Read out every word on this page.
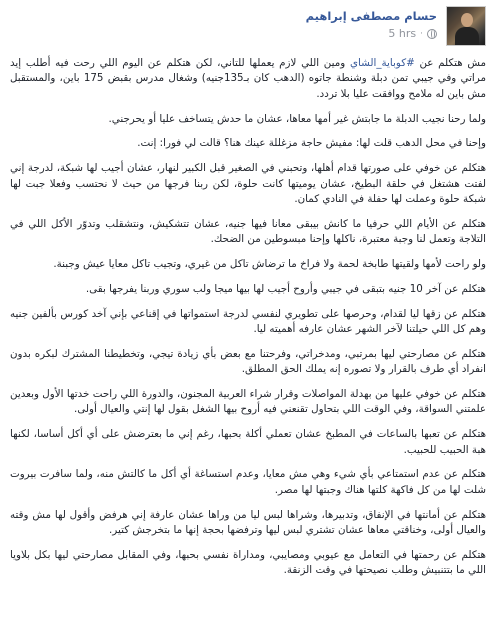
حسام مصطفى إبراهيم
·
5 hrs

مش هتكلم عن #كوباية_الشاي ومين اللي لازم يعملها للتاني، لكن هتكلم عن اليوم اللي رحت فيه أطلب إيد مراتي وفي جيبي تمن دبلة وشنطة جاتوه (الدهب كان بـ135جنيه) وشغال مدرس بقبض 175 باين، والمستقبل مش باين له ملامح ووافقت عليا بلا تردد.

ولما رحنا نجيب الدبلة ما جابتش غير أمها معاها، عشان ما حدش يتساخف عليا أو يحرجني.

وإحنا في محل الدهب قلت لها: مفيش حاجة مزغللة عينك هنا؟ قالت لي فورا: إنت.

هتكلم عن خوفي على صورتها قدام أهلها، وتحبني في الصغير قبل الكبير لنهار، عشان أجيب لها شبكة، لدرجة إني لفتت هشتغل في حلقة البطيخ، عشان يوميتها كانت حلوة، لكن ربنا فرجها من حيث لا نحتسب وفعلا جبت لها شبكة حلوة وعملت لها حفلة في النادي كمان.

هتكلم عن الأيام اللي حرفيا ما كانش بيبقى معانا فيها جنيه، عشان تتشكيش، ونتشقلب وتدوّر الأكل اللي في التلاجة وتعمل لنا وجبة معتبرة، ناكلها وإحنا مبسوطين من الضحك.

ولو راحت لأمها ولقيتها طابخة لحمة ولا فراخ ما ترضاش تاكل من غيري، وتجيب تاكل معايا عيش وجبنة.

هتكلم عن آخر 10 جنيه بتبقى في جيبي وأروح أجيب لها بيها ميجا ولب سوري وربنا يفرجها بقى.

هتكلم عن زقها ليا لقدام، وحرصها على تطويري لنفسي لدرجة استمواتها في إقناعي بإني آخد كورس بألفين جنيه وهم كل اللي حيلتنا لآخر الشهر عشان عارفه أهميته ليا.

هتكلم عن مصارحتي ليها بمرتبي، ومدخراتي، وفرحتنا مع بعض بأي زيادة تيجي، وتخطيطنا المشترك لبكره بدون انفراد أي طرف بالقرار ولا تصوره إنه يملك الحق المطلق.

هتكلم عن خوفي عليها من بهدلة المواصلات وقرار شراء العربية المجنون، والدورة اللي راحت خدتها الأول وبعدين علمتني السواقة، وفي الوقت اللي بتحاول تقنعني فيه أروح بيها الشغل بقول لها إنتي والعيال أولى.

هتكلم عن تعبها بالساعات في المطبخ عشان تعملي أكلة بحبها، رغم إني ما بعترضش على أي أكل أساسا، لكنها هبة الحبيب للحبيب.

هتكلم عن عدم استمتاعي بأي شيء وهي مش معايا، وعدم استساغة أي أكل ما كالتش منه، ولما سافرت بيروت شلت لها من كل فاكهة كلتها هناك وجبتها لها مصر.

هتكلم عن أمانتها في الإنفاق، وتدبيرها، وشراها لبس ليا من وراها عشان عارفة إني هرفض وأقول لها مش وقته والعيال أولى، وخناقتي معاها عشان تشتري لبس ليها وترفضها بحجة إنها ما بتخرجش كتير.

هتكلم عن رحمتها في التعامل مع عيوبي ومصايبي، ومداراة نفسي بحبها، وفي المقابل مصارحتي ليها بكل بلاويا اللي ما بتتنبيش وطلب نصيحتها في وقت الزنقة.
